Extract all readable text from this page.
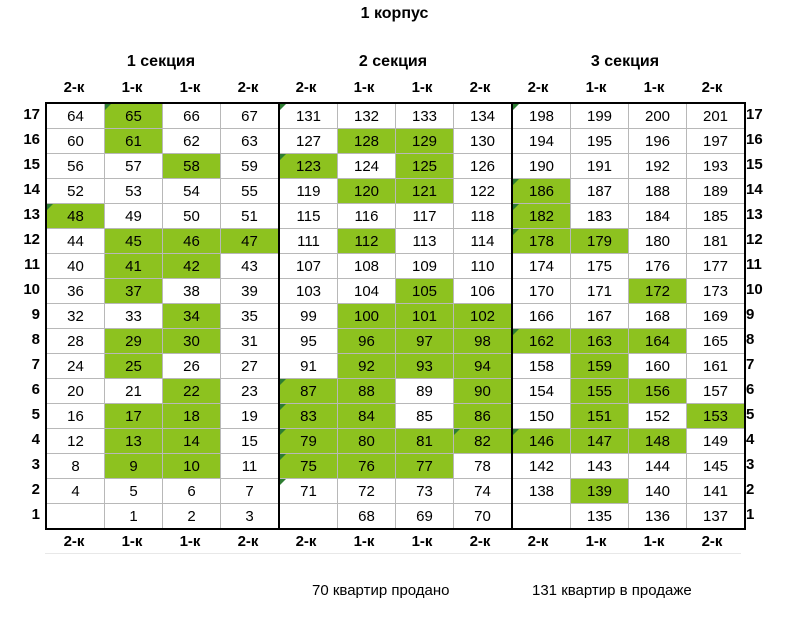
1 корпус
1 секция	2 секция	3 секция
2-к	1-к	1-к	2-к	2-к	1-к	1-к	2-к	2-к	1-к	1-к	2-к
17
16
15
14
13
12
11
10
9
8
7
6
5
4
3
2
1
64	65	66	67	131	132	133	134	198	199	200	201
60	61	62	63	127	128	129	130	194	195	196	197
56	57	58	59	123	124	125	126	190	191	192	193
52	53	54	55	119	120	121	122	186	187	188	189
48	49	50	51	115	116	117	118	182	183	184	185
44	45	46	47	111	112	113	114	178	179	180	181
40	41	42	43	107	108	109	110	174	175	176	177
36	37	38	39	103	104	105	106	170	171	172	173
32	33	34	35	99	100	101	102	166	167	168	169
28	29	30	31	95	96	97	98	162	163	164	165
24	25	26	27	91	92	93	94	158	159	160	161
20	21	22	23	87	88	89	90	154	155	156	157
16	17	18	19	83	84	85	86	150	151	152	153
12	13	14	15	79	80	81	82	146	147	148	149
8	9	10	11	75	76	77	78	142	143	144	145
4	5	6	7	71	72	73	74	138	139	140	141
	1	2	3		68	69	70		135	136	137
17
16
15
14
13
12
11
10
9
8
7
6
5
4
3
2
1
2-к	1-к	1-к	2-к	2-к	1-к	1-к	2-к	2-к	1-к	1-к	2-к
70 квартир продано	131 квартир в продаже
